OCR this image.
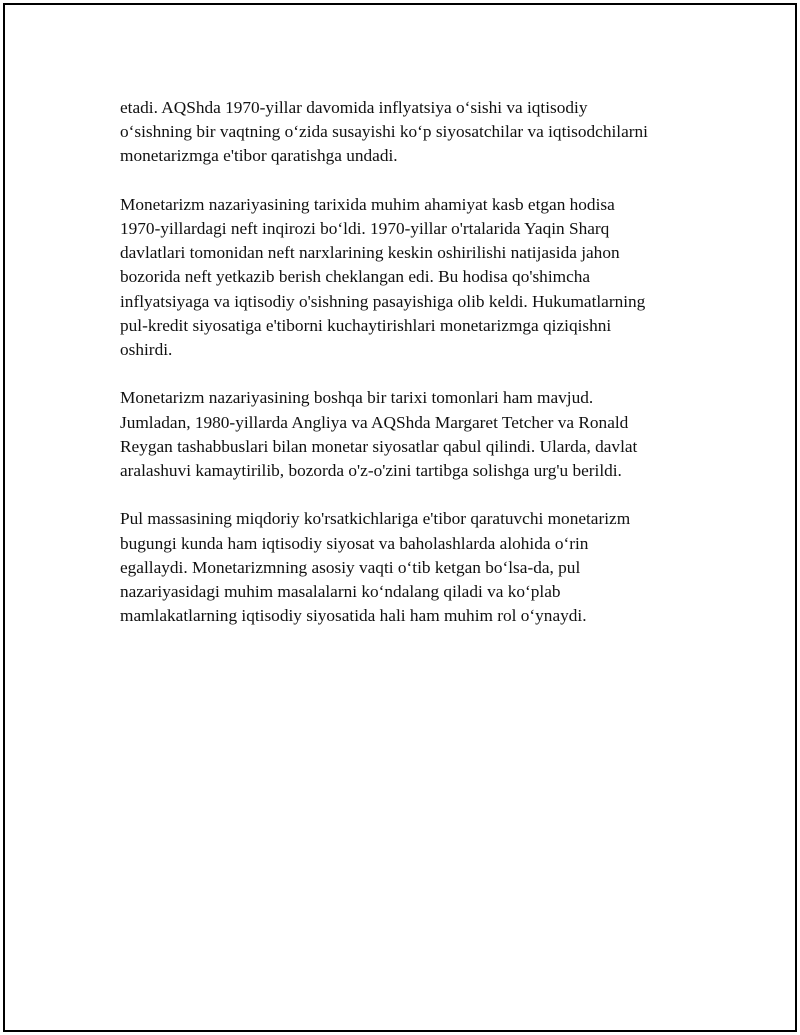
etadi. AQShda 1970-yillar davomida inflyatsiya oʻsishi va iqtisodiy
oʻsishning bir vaqtning oʻzida susayishi koʻp siyosatchilar va iqtisodchilarni
monetarizmga e'tibor qaratishga undadi.

Monetarizm nazariyasining tarixida muhim ahamiyat kasb etgan hodisa
1970-yillardagi neft inqirozi boʻldi. 1970-yillar o'rtalarida Yaqin Sharq
davlatlari tomonidan neft narxlarining keskin oshirilishi natijasida jahon
bozorida neft yetkazib berish cheklangan edi. Bu hodisa qo'shimcha
inflyatsiyaga va iqtisodiy o'sishning pasayishiga olib keldi. Hukumatlarning
pul-kredit siyosatiga e'tiborni kuchaytirishlari monetarizmga qiziqishni
oshirdi.

Monetarizm nazariyasining boshqa bir tarixi tomonlari ham mavjud.
Jumladan, 1980-yillarda Angliya va AQShda Margaret Tetcher va Ronald
Reygan tashabbuslari bilan monetar siyosatlar qabul qilindi. Ularda, davlat
aralashuvi kamaytirilib, bozorda o'z-o'zini tartibga solishga urg'u berildi.

Pul massasining miqdoriy ko'rsatkichlariga e'tibor qaratuvchi monetarizm
bugungi kunda ham iqtisodiy siyosat va baholashlarda alohida oʻrin
egallaydi. Monetarizmning asosiy vaqti oʻtib ketgan boʻlsa-da, pul
nazariyasidagi muhim masalalarni koʻndalang qiladi va koʻplab
mamlakatlarning iqtisodiy siyosatida hali ham muhim rol oʻynaydi.
